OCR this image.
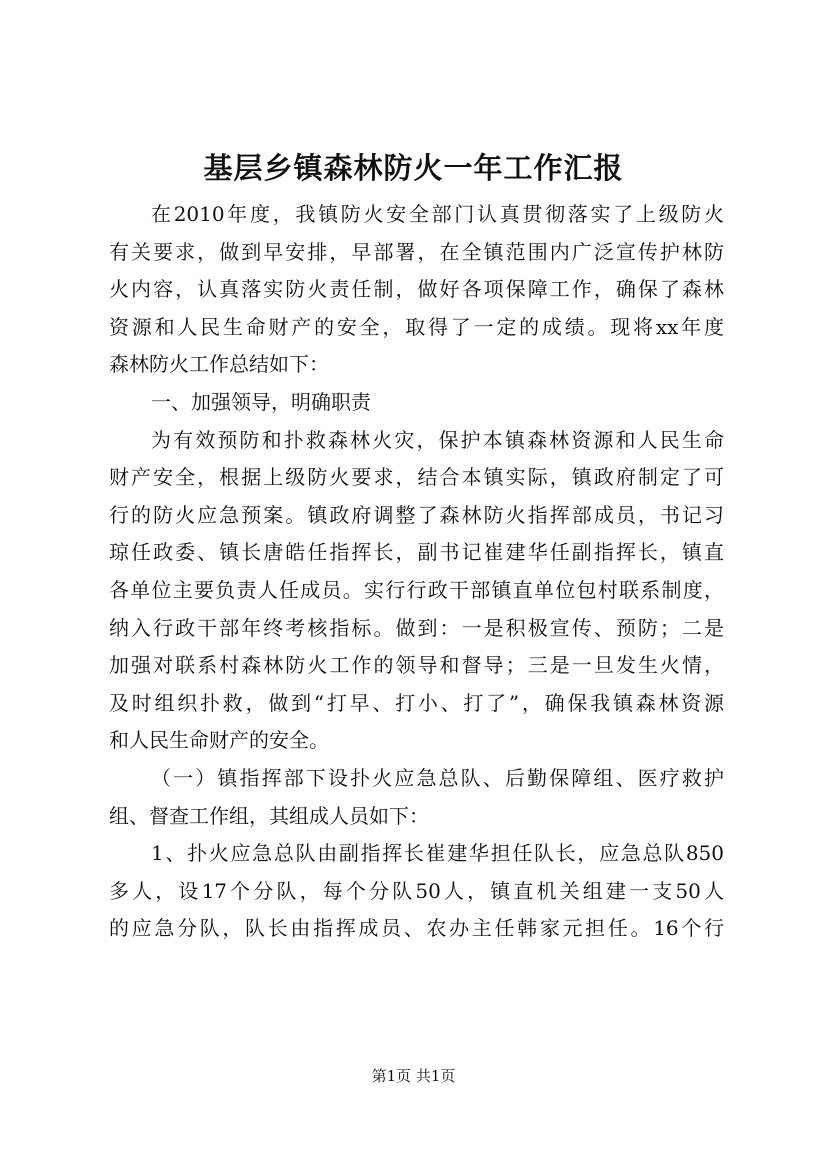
基层乡镇森林防火一年工作汇报
在2010年度，我镇防火安全部门认真贯彻落实了上级防火
有关要求，做到早安排，早部署，在全镇范围内广泛宣传护林防
火内容，认真落实防火责任制，做好各项保障工作，确保了森林
资源和人民生命财产的安全，取得了一定的成绩。现将xx年度
森林防火工作总结如下：
一、加强领导，明确职责
为有效预防和扑救森林火灾，保护本镇森林资源和人民生命
财产安全，根据上级防火要求，结合本镇实际，镇政府制定了可
行的防火应急预案。镇政府调整了森林防火指挥部成员，书记习
琼任政委、镇长唐皓任指挥长，副书记崔建华任副指挥长，镇直
各单位主要负责人任成员。实行行政干部镇直单位包村联系制度，
纳入行政干部年终考核指标。做到：一是积极宣传、预防；二是
加强对联系村森林防火工作的领导和督导；三是一旦发生火情，
及时组织扑救，做到“打早、打小、打了”，确保我镇森林资源
和人民生命财产的安全。
（一）镇指挥部下设扑火应急总队、后勤保障组、医疗救护
组、督查工作组，其组成人员如下：
1、扑火应急总队由副指挥长崔建华担任队长，应急总队850
多人，设17个分队，每个分队50人，镇直机关组建一支50人
的应急分队，队长由指挥成员、农办主任韩家元担任。16个行
第1页 共1页
